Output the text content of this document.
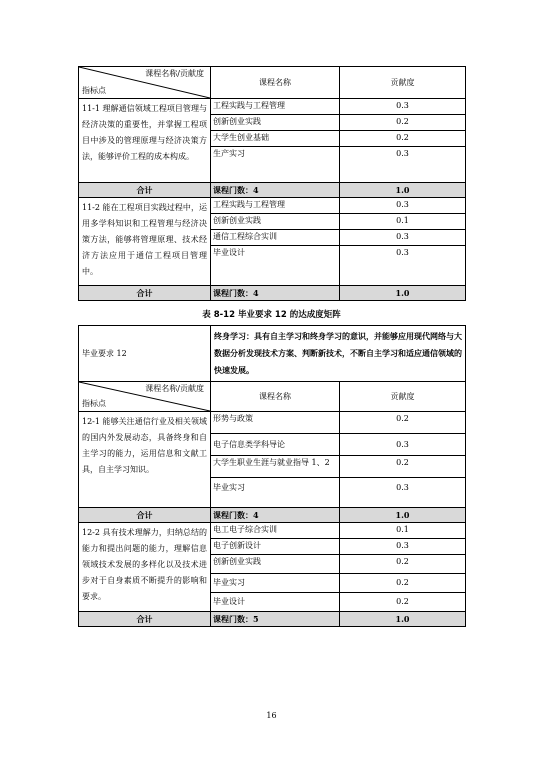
课程名称/贡献度
指标点	课程名称	贡献度
11-1 理解通信领域工程项目管理与经济决策的重要性，并掌握工程项目中涉及的管理原理与经济决策方法，能够评价工程的成本构成。	工程实践与工程管理	0.3
	创新创业实践	0.2
	大学生创业基础	0.2
	生产实习	0.3
合计	课程门数：4	1.0
11-2 能在工程项目实践过程中，运用多学科知识和工程管理与经济决策方法，能够将管理原理、技术经济方法应用于通信工程项目管理中。	工程实践与工程管理	0.3
	创新创业实践	0.1
	通信工程综合实训	0.3
	毕业设计	0.3
合计	课程门数：4	1.0
表 8-12 毕业要求 12 的达成度矩阵
毕业要求 12	终身学习：具有自主学习和终身学习的意识，并能够应用现代网络与大数据分析发现技术方案、判断新技术，不断自主学习和适应通信领域的快速发展。	

课程名称/贡献度
指标点	课程名称	贡献度
12-1 能够关注通信行业及相关领域的国内外发展动态，具备终身和自主学习的能力，运用信息和文献工具，自主学习知识。	形势与政策	0.2
	电子信息类学科导论	0.3
	大学生职业生涯与就业指导 1、2	0.2
	毕业实习	0.3
合计	课程门数：4	1.0
12-2 具有技术理解力，归纳总结的能力和提出问题的能力，理解信息领域技术发展的多样化以及技术进步对于自身素质不断提升的影响和要求。	电工电子综合实训	0.1
	电子创新设计	0.3
	创新创业实践	0.2
	毕业实习	0.2
	毕业设计	0.2
合计	课程门数：5	1.0
16
